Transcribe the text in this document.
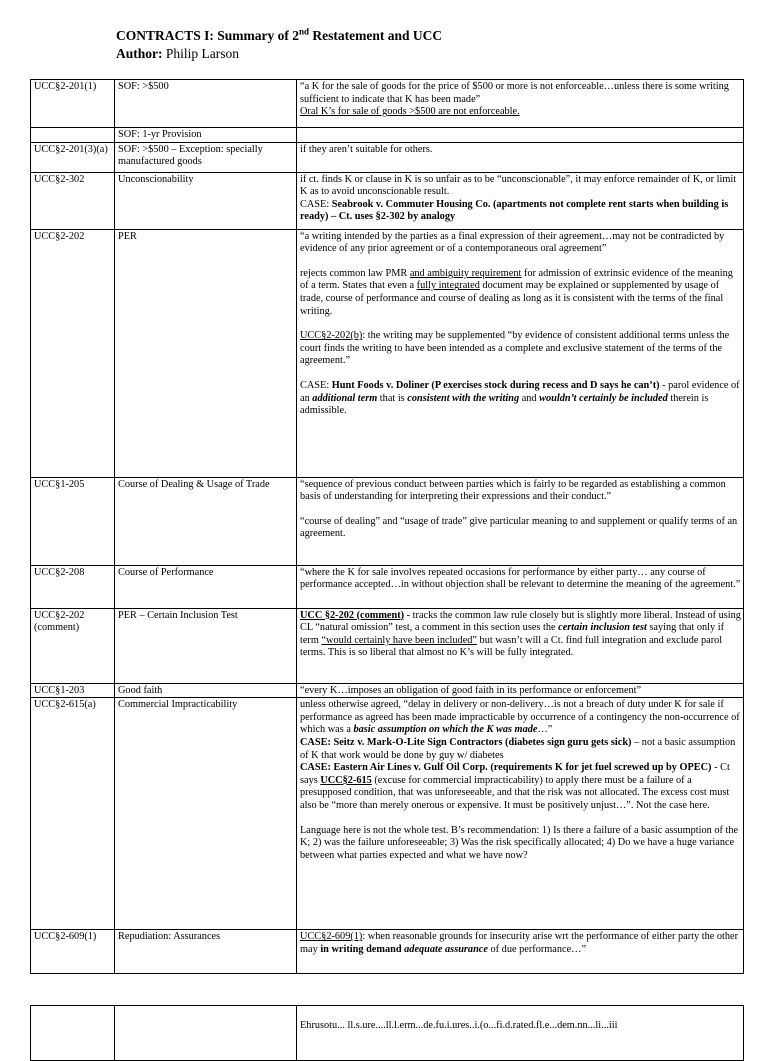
CONTRACTS I: Summary of 2nd Restatement and UCC
Author: Philip Larson
UCC§2-201(1)	SOF: >$500	“a K for the sale of goods for the price of $500 or more is not enforceable…unless there is some writing sufficient to indicate that K has been made”

Oral K’s for sale of goods >$500 are not enforceable.

	SOF: 1-yr Provision	
UCC§2-201(3)(a)	SOF: >$500 – Exception: specially manufactured goods	if they aren’t suitable for others.
UCC§2-302	Unconscionability	if ct. finds K or clause in K is so unfair as to be “unconscionable”, it may enforce remainder of K, or limit K as to avoid unconscionable result.

CASE: Seabrook v. Commuter Housing Co. (apartments not complete rent starts when building is ready) – Ct. uses §2-302 by analogy

UCC§2-202	PER	“a writing intended by the parties as a final expression of their agreement…may not be contradicted by evidence of any prior agreement or of a contemporaneous oral agreement”

rejects common law PMR and ambiguity requirement for admission of extrinsic evidence of the meaning of a term. States that even a fully integrated document may be explained or supplemented by usage of trade, course of performance and course of dealing as long as it is consistent with the terms of the final writing.

UCC§2-202(b): the writing may be supplemented “by evidence of consistent additional terms unless the court finds the writing to have been intended as a complete and exclusive statement of the terms of the agreement.”

CASE: Hunt Foods v. Doliner (P exercises stock during recess and D says he can’t) - parol evidence of an additional term that is consistent with the writing and wouldn’t certainly be included therein is admissible.

UCC§1-205	Course of Dealing & Usage of Trade	“sequence of previous conduct between parties which is fairly to be regarded as establishing a common basis of understanding for interpreting their expressions and their conduct.”

“course of dealing” and “usage of trade” give particular meaning to and supplement or qualify terms of an agreement.

UCC§2-208	Course of Performance	“where the K for sale involves repeated occasions for performance by either party… any course of performance accepted…in without objection shall be relevant to determine the meaning of the agreement.”
UCC§2-202 (comment)	PER – Certain Inclusion Test	UCC §2-202 (comment) - tracks the common law rule closely but is slightly more liberal. Instead of using CL “natural omission” test, a comment in this section uses the certain inclusion test saying that only if term “would certainly have been included” but wasn’t will a Ct. find full integration and exclude parol terms. This is so liberal that almost no K’s will be fully integrated.

UCC§1-203	Good faith	“every K…imposes an obligation of good faith in its performance or enforcement”
UCC§2-615(a)	Commercial Impracticability	unless otherwise agreed, “delay in delivery or non-delivery…is not a breach of duty under K for sale if performance as agreed has been made impracticable by occurrence of a contingency the non-occurrence of which was a basic assumption on which the K was made…”

CASE: Seitz v. Mark-O-Lite Sign Contractors (diabetes sign guru gets sick) – not a basic assumption of K that work would be done by guy w/ diabetes

CASE: Eastern Air Lines v. Gulf Oil Corp. (requirements K for jet fuel screwed up by OPEC) - Ct says UCC§2-615 (excuse for commercial impracticability) to apply there must be a failure of a presupposed condition, that was unforeseeable, and that the risk was not allocated. The excess cost must also be “more than merely onerous or expensive. It must be positively unjust…”. Not the case here.

Language here is not the whole test. B’s recommendation: 1) Is there a failure of a basic assumption of the K; 2) was the failure unforeseeable; 3) Was the risk specifically allocated; 4) Do we have a huge variance between what parties expected and what we have now?

UCC§2-609(1)	Repudiation: Assurances	UCC§2-609(1): when reasonable grounds for insecurity arise wrt the performance of either party the other may in writing demand adequate assurance of due performance…”

Ehrusotu... ll.s.ure....ll.l.erm...de.fu.i.ures..i.(o...fi.d.rated.fl.e...dem.nn...li...iii
